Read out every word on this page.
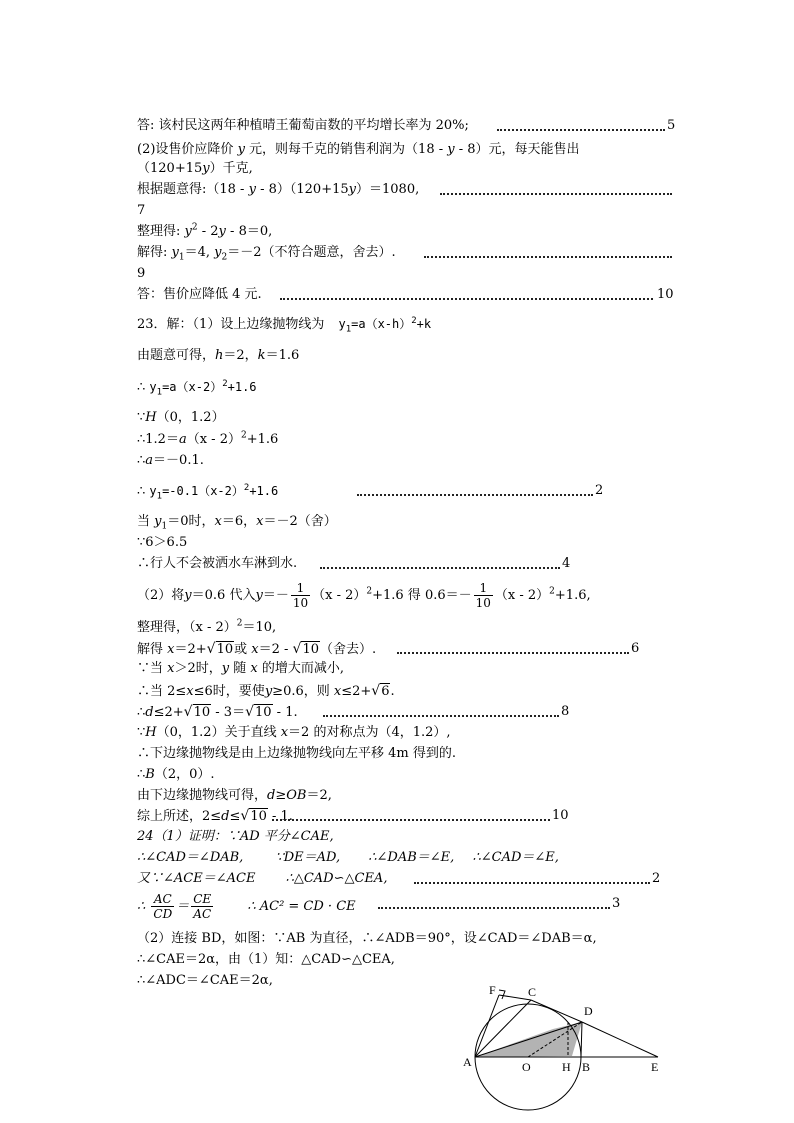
答: 该村民这两年种植晴王葡萄亩数的平均增长率为 20%;	5
(2)设售价应降价 y 元，则每千克的销售利润为（18 - y - 8）元，每天能售出
（120+15y）千克,
根据题意得:（18 - y - 8）（120+15y）＝1080,
7
整理得: $y^2 - 2y - 8=0$,
解得: $y_1=4$, $y_2=-2$（不符合题意，舍去）.
9
答：售价应降低 4 元.	10
23．解：（1）设上边缘抛物线为 $y_1=a(x-h)^2+k$
由题意可得，h＝2，k＝1.6
∴ $y_1=a(x-2)^2+1.6$
∵H（0，1.2）
∴1.2＝a（x - 2）$^2$+1.6
∴a＝－0.1.
∴ $y_1=-0.1(x-2)^2+1.6$	2
当 $y_1=0$时，x＝6，x＝－2（舍）
∵6＞6.5
∴行人不会被洒水车淋到水.	4
（2）将y＝0.6 代入$y=- \frac{1}{10} (x - 2)^2+1.6$ 得 $0.6=- \frac{1}{10} (x - 2)^2+1.6$,
整理得，（x - 2）$^2$＝10,
解得 x＝2+√10或 x＝2 - √10（舍去）.	6
∵当 x＞2时，y 随 x 的增大而减小,
∴当 2≤x≤6时，要使y≥0.6，则 x≤2+√6.
∴d≤2+√10 - 3＝√10 - 1.	8
∵H（0，1.2）关于直线 x＝2 的对称点为（4，1.2）,
∴下边缘抛物线是由上边缘抛物线向左平移 4m 得到的.
∴B（2，0）.
由下边缘抛物线可得，d≥OB＝2,
综上所述，2≤d≤√10 - 1.	10
24（1）证明：∵AD 平分∠CAE,
∴∠CAD＝∠DAB, ∵DE＝AD, ∴∠DAB＝∠E, ∴∠CAD＝∠E,
又∵∠ACE＝∠ACE ∴△CAD∽△CEA,	2
∴ $\frac{AC}{CD} = \frac{CE}{AC}$	∴ AC² = CD · CE	3
（2）连接 BD，如图：∵AB 为直径，∴∠ADB＝90°，设∠CAD＝∠DAB＝α,
∴∠CAE＝2α，由（1）知：△CAD∽△CEA,
∴∠ADC＝∠CAE＝2α,
F	C
D
A	O	H B	E
